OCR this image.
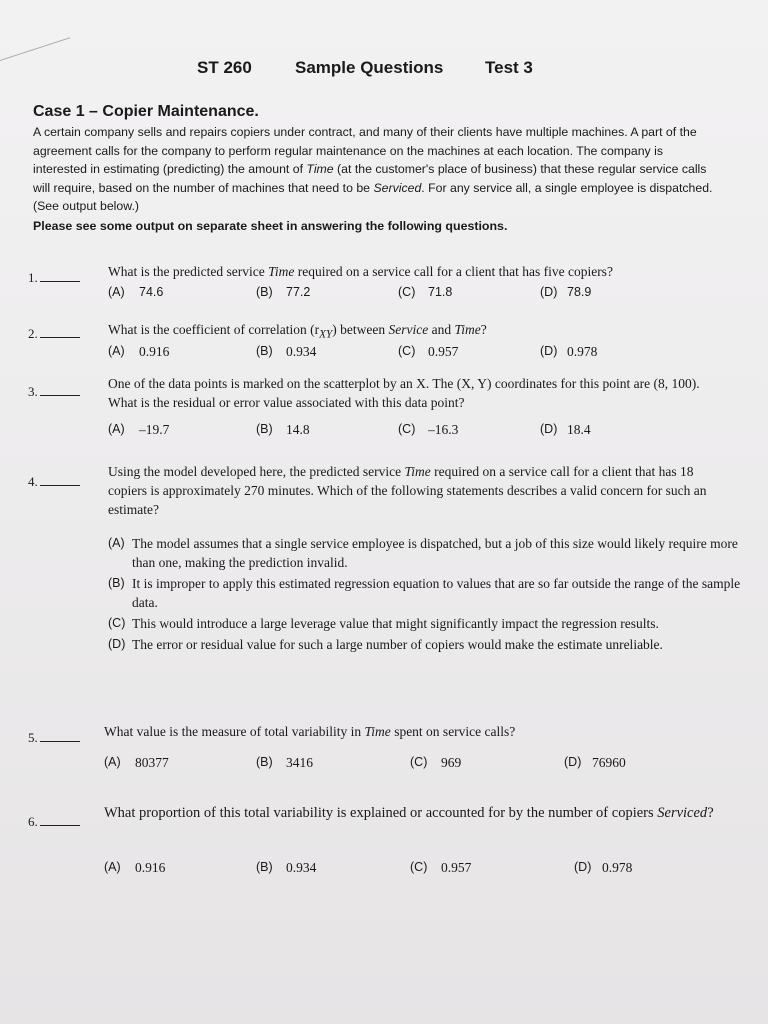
ST 260	Sample Questions Test 3
Case 1 – Copier Maintenance.
A certain company sells and repairs copiers under contract, and many of their clients have multiple machines. A part of the agreement calls for the company to perform regular maintenance on the machines at each location. The company is interested in estimating (predicting) the amount of Time (at the customer's place of business) that these regular service calls will require, based on the number of machines that need to be Serviced. For any service all, a single employee is dispatched. (See output below.)
Please see some output on separate sheet in answering the following questions.
1.	What is the predicted service Time required on a service call for a client that has five copiers?
(A) 74.6	(B) 77.2	(C) 71.8	(D) 78.9
2.	What is the coefficient of correlation $(r_{XY})$ between Service and Time?
(A) 0.916	(B) 0.934	(C) 0.957	(D) 0.978
3.
One of the data points is marked on the scatterplot by an X. The (X, Y) coordinates for this point are (8, 100). What is the residual or error value associated with this data point?
(A) –19.7	(B) 14.8	(C) –16.3	(D) 18.4
4.
Using the model developed here, the predicted service Time required on a service call for a client that has 18 copiers is approximately 270 minutes. Which of the following statements describes a valid concern for such an estimate?
(A) The model assumes that a single service employee is dispatched, but a job of this size would likely require more than one, making the prediction invalid.
(B) It is improper to apply this estimated regression equation to values that are so far outside the range of the sample data.
(C) This would introduce a large leverage value that might significantly impact the regression results.
(D) The error or residual value for such a large number of copiers would make the estimate unreliable.
5.	What value is the measure of total variability in Time spent on service calls?
(A) 80377	(B) 3416	(C) 969	(D) 76960
6.
What proportion of this total variability is explained or accounted for by the number of copiers Serviced?
(A) 0.916	(B) 0.934	(C) 0.957	(D) 0.978
